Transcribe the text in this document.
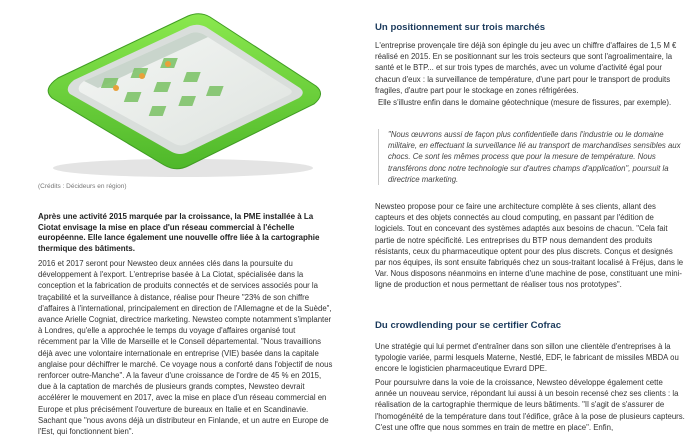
(Crédits : Décideurs en région)
Après une activité 2015 marquée par la croissance, la PME installée à La Ciotat envisage la mise en place d'un réseau commercial à l'échelle européenne. Elle lance également une nouvelle offre liée à la cartographie thermique des bâtiments.

2016 et 2017 seront pour Newsteo deux années clés dans la poursuite du développement à l'export. L'entreprise basée à La Ciotat, spécialisée dans la conception et la fabrication de produits connectés et de services associés pour la traçabilité et la surveillance à distance, réalise pour l'heure "23% de son chiffre d'affaires à l'international, principalement en direction de l'Allemagne et de la Suède", avance Arielle Cogniat, directrice marketing. Newsteo compte notamment s'implanter à Londres, qu'elle a approchée le temps du voyage d'affaires organisé tout récemment par la Ville de Marseille et le Conseil départemental. "Nous travaillions déjà avec une volontaire internationale en entreprise (VIE) basée dans la capitale anglaise pour déchiffrer le marché. Ce voyage nous a conforté dans l'objectif de nous renforcer outre-Manche". A la faveur d'une croissance de l'ordre de 45 % en 2015, due à la captation de marchés de plusieurs grands comptes, Newsteo devrait accélérer le mouvement en 2017, avec la mise en place d'un réseau commercial en Europe et plus précisément l'ouverture de bureaux en Italie et en Scandinavie. Sachant que "nous avons déjà un distributeur en Finlande, et un autre en Europe de l'Est, qui fonctionnent bien".

Un positionnement sur trois marchés

L'entreprise provençale tire déjà son épingle du jeu avec un chiffre d'affaires de 1,5 M € réalisé en 2015. En se positionnant sur les trois secteurs que sont l'agroalimentaire, la santé et le BTP... et sur trois types de marchés, avec un volume d'activité égal pour chacun d'eux : la surveillance de température, d'une part pour le transport de produits fragiles, d'autre part pour le stockage en zones réfrigérées.

Elle s'illustre enfin dans le domaine géotechnique (mesure de fissures, par exemple).

"Nous œuvrons aussi de façon plus confidentielle dans l'industrie ou le domaine militaire, en effectuant la surveillance lié au transport de marchandises sensibles aux chocs. Ce sont les mêmes process que pour la mesure de température. Nous transférons donc notre technologie sur d'autres champs d'application", poursuit la directrice marketing.

Newsteo propose pour ce faire une architecture complète à ses clients, allant des capteurs et des objets connectés au cloud computing, en passant par l'édition de logiciels. Tout en concevant des systèmes adaptés aux besoins de chacun. "Cela fait partie de notre spécificité. Les entreprises du BTP nous demandent des produits résistants, ceux du pharmaceutique optent pour des plus discrets. Conçus et designés par nos équipes, ils sont ensuite fabriqués chez un sous-traitant localisé à Fréjus, dans le Var. Nous disposons néanmoins en interne d'une machine de pose, constituant une mini-ligne de production et nous permettant de réaliser tous nos prototypes".

Du crowdlending pour se certifier Cofrac

Une stratégie qui lui permet d'entraîner dans son sillon une clientèle d'entreprises à la typologie variée, parmi lesquels Materne, Nestlé, EDF, le fabricant de missiles MBDA ou encore le logisticien pharmaceutique Evrard DPE.

Pour poursuivre dans la voie de la croissance, Newsteo développe également cette année un nouveau service, répondant lui aussi à un besoin recensé chez ses clients : la réalisation de la cartographie thermique de leurs bâtiments. "Il s'agit de s'assurer de l'homogénéité de la température dans tout l'édifice, grâce à la pose de plusieurs capteurs. C'est une offre que nous sommes en train de mettre en place". Enfin,
